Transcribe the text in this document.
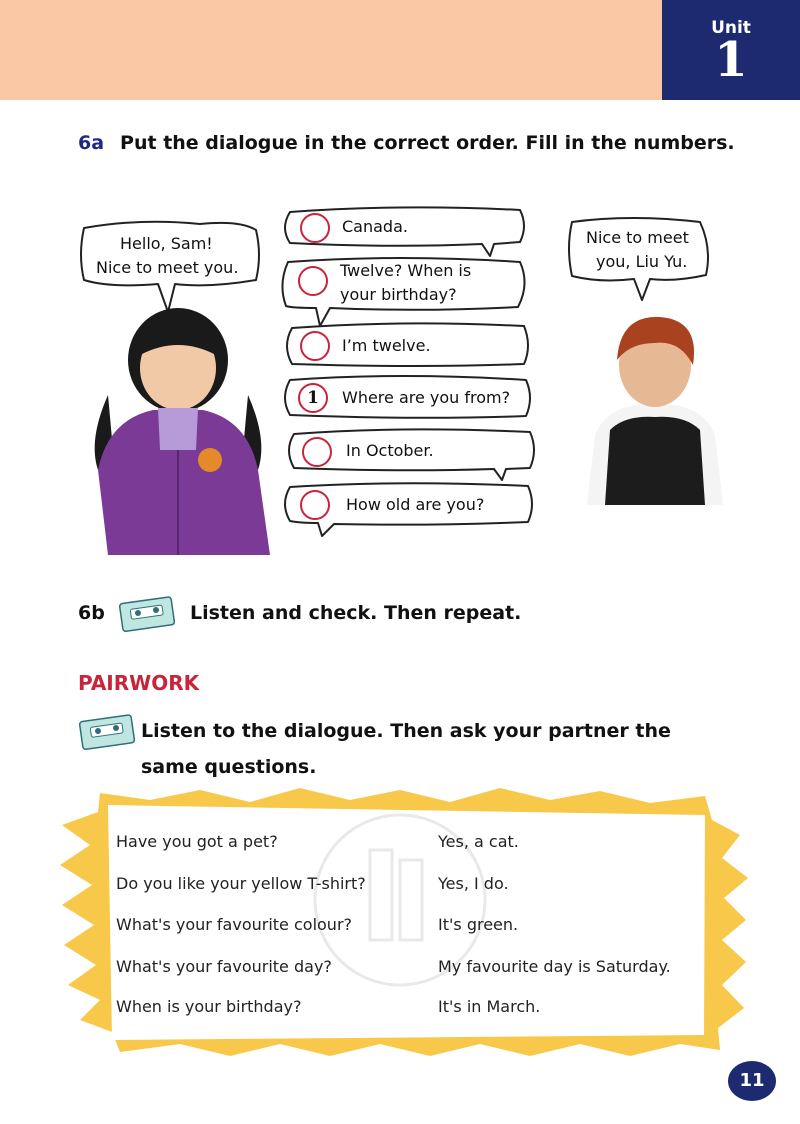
Unit
1
6a Put the dialogue in the correct order. Fill in the numbers.
Hello, Sam!
Nice to meet you.
Nice to meet
you, Liu Yu.
Canada.
Twelve? When is
your birthday?
I’m twelve.
1	Where are you from?
In October.
How old are you?
6b	Listen and check. Then repeat.
PAIRWORK
Listen to the dialogue. Then ask your partner the
same questions.
Have you got a pet?	Yes, a cat.
Do you like your yellow T-shirt?	Yes, I do.
What's your favourite colour?	It's green.
What's your favourite day?	My favourite day is Saturday.
When is your birthday?	It's in March.
11
